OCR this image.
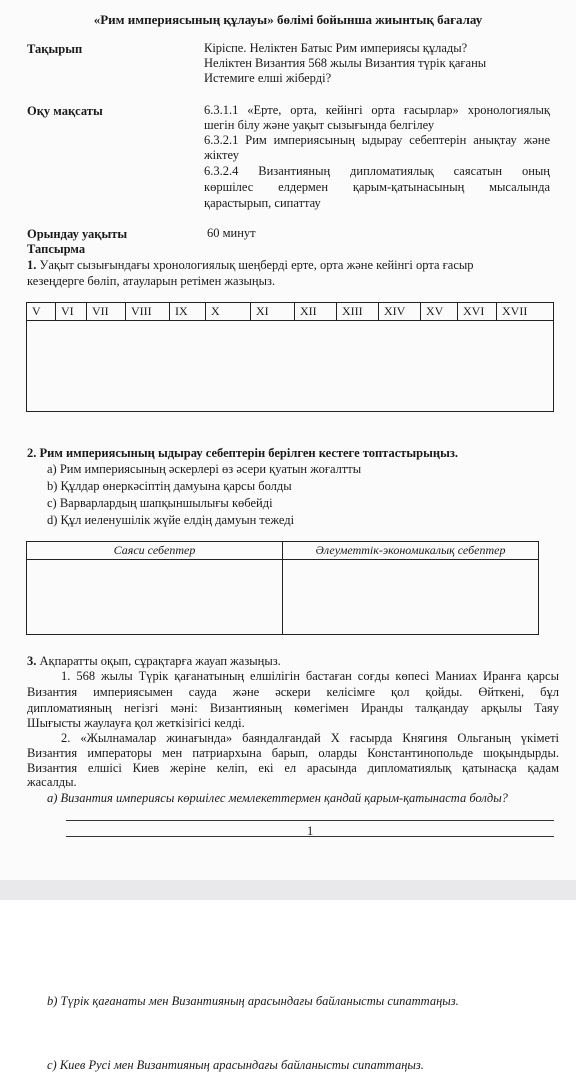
«Рим империясының құлауы» бөлімі бойынша жиынтық бағалау
Тақырып	Кіріспе. Неліктен Батыс Рим империясы құлады?
Неліктен Византия 568 жылы Византия түрік қағаны
Истемиге елші жіберді?
Оқу мақсаты	6.3.1.1 «Ерте, орта, кейінгі орта ғасырлар» хронологиялық
шегін білу және уақыт сызығында белгілеу
6.3.2.1 Рим империясының ыдырау себептерін анықтау және
жіктеу
6.3.2.4 Византияның дипломатиялық саясатын оның
көршілес елдермен қарым-қатынасының мысалында
қарастырып, сипаттау
Орындау уақыты	60 минут
Тапсырма
1. Уақыт сызығындағы хронологиялық шеңберді ерте, орта және кейінгі орта ғасыр
кезеңдерге бөліп, атауларын ретімен жазыңыз.
V	VI	VII	VIII	IX	X	XI	XII	XIII	XIV	XV	XVI	XVII
2. Рим империясының ыдырау себептерін берілген кестеге топтастырыңыз.
a) Рим империясының әскерлері өз әсери қуатын жоғалтты
b) Құлдар өнеркәсіптің дамуына қарсы болды
c) Варварлардың шапқыншылығы көбейді
d) Құл иеленушілік жүйе елдің дамуын тежеді
Саяси себептер	Әлеуметтік-экономикалық себептер
3. Ақпаратты оқып, сұрақтарға жауап жазыңыз.
1. 568 жылы Түрік қағанатының елшілігін бастаған соғды көпесі Маниах Иранға қарсы
Византия империясымен сауда және әскери келісімге қол қойды. Өйткені, бұл
дипломатияның негізгі мәні: Византияның көмегімен Иранды талқандау арқылы Таяу
Шығысты жаулауға қол жеткізігісі келді.
2. «Жылнамалар жинағында» баяндалғандай X ғасырда Княгиня Ольганың үкіметі
Византия императоры мен патриархына барып, оларды Константинопольде шоқындырды.
Византия елшісі Киев жеріне келіп, екі ел арасында дипломатиялық қатынасқа қадам
жасалды.
a) Византия империясы көршілес мемлекеттермен қандай қарым-қатынаста болды?
1
b) Түрік қағанаты мен Византияның арасындағы байланысты сипаттаңыз.
c) Киев Русі мен Византияның арасындағы байланысты сипаттаңыз.
